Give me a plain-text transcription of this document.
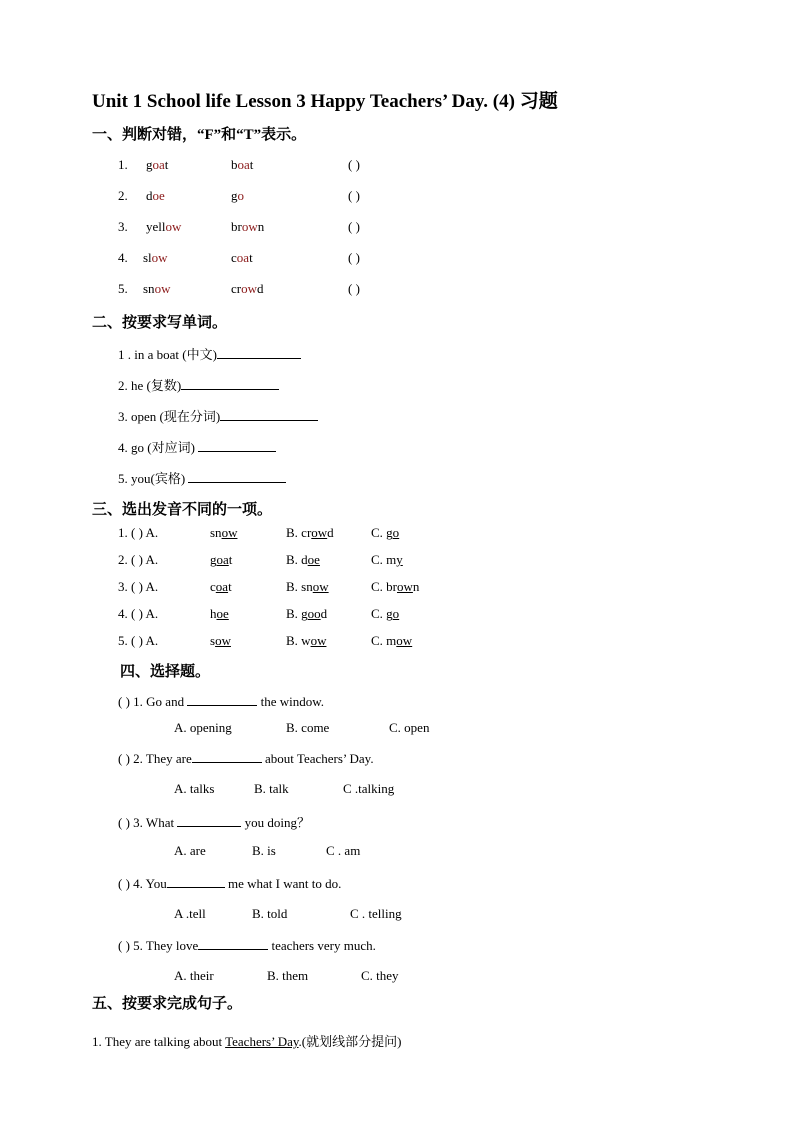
Unit 1 School life Lesson 3 Happy Teachers’ Day. (4) 习题
一、判断对错，“F”和“T”表示。
1. goat	boat	( )
2. doe	go	( )
3. yellow	brown	( )
4. slow	coat	( )
5. snow	crowd	( )
二、按要求写单词。
1 . in a boat (中文)
2. he (复数)
3. open (现在分词)
4. go (对应词)
5. you(宾格)
三、选出发音不同的一项。
1. ( ) A.	snow	B. crowd	C. go
2. ( ) A.	goat	B. doe	C. my
3. ( ) A.	coat	B. snow	C. brown
4. ( ) A.	hoe	B. good	C. go
5. ( ) A.	sow	B. wow	C. mow
四、选择题。
( ) 1. Go and	the window.
A. opening	B. come	C. open
( ) 2. They are	about Teachers’ Day.
A. talks	B. talk	C .talking
( ) 3. What	you doing？
A. are	B. is	C . am
( ) 4. You	me what I want to do.
A .tell	B. told	C . telling
( ) 5. They love	teachers very much.
A. their	B. them	C. they
五、按要求完成句子。
1. They are talking about Teachers’ Day.(就划线部分提问)
